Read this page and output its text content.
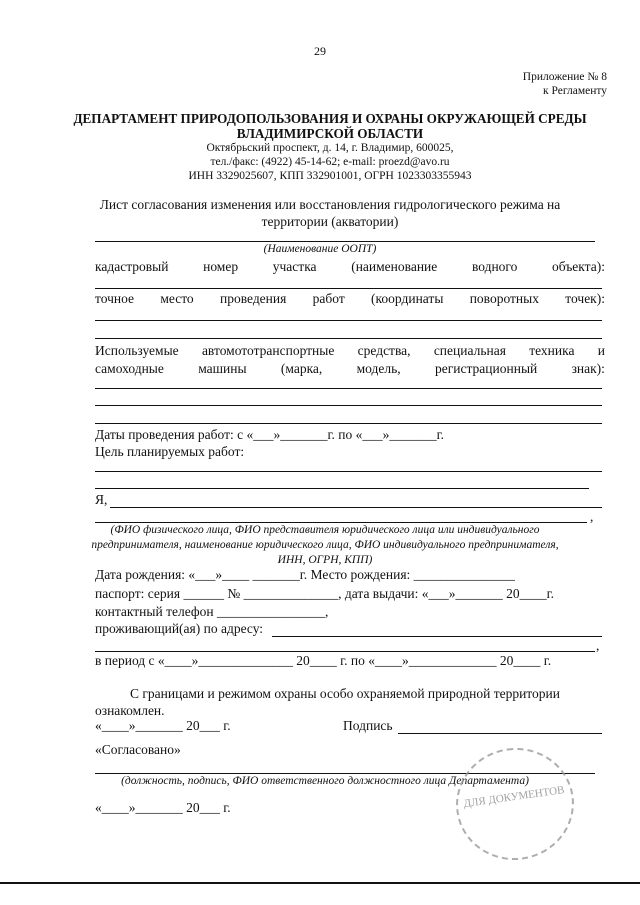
29
Приложение № 8
к Регламенту
ДЕПАРТАМЕНТ ПРИРОДОПОЛЬЗОВАНИЯ И ОХРАНЫ ОКРУЖАЮЩЕЙ СРЕДЫ
ВЛАДИМИРСКОЙ ОБЛАСТИ
Октябрьский проспект, д. 14, г. Владимир, 600025,
тел./факс: (4922) 45-14-62; e-mail: proezd@avo.ru
ИНН 3329025607, КПП 332901001, ОГРН 1023303355943
Лист согласования изменения или восстановления гидрологического режима на
территории (акватории)
(Наименование ООПТ)
кадастровый	номер	участка	(наименование	водного	объекта):
точное место проведения работ (координаты поворотных точек):
Используемые автомототранспортные средства, специальная техника и
самоходные	машины	(марка,	модель,	регистрационный	знак):
Даты проведения работ: с «___»_______г. по «___»_______г.
Цель планируемых работ:
Я,
,
(ФИО физического лица, ФИО представителя юридического лица или индивидуального
предпринимателя, наименование юридического лица, ФИО индивидуального предпринимателя,
ИНН, ОГРН, КПП)
Дата рождения: «___»____ _______г. Место рождения: _______________
паспорт: серия ______ № ______________, дата выдачи: «___»_______ 20____г.
контактный телефон ________________,
проживающий(ая) по адресу:
,
в период с «____»______________ 20____ г. по «____»_____________ 20____ г.
С границами и режимом охраны особо охраняемой природной территории
ознакомлен.
«____»_______ 20___ г.	Подпись
«Согласовано»
(должность, подпись, ФИО ответственного должностного лица Департамента)
«____»_______ 20___ г.	ДЛЯ ДОКУМЕНТОВ
